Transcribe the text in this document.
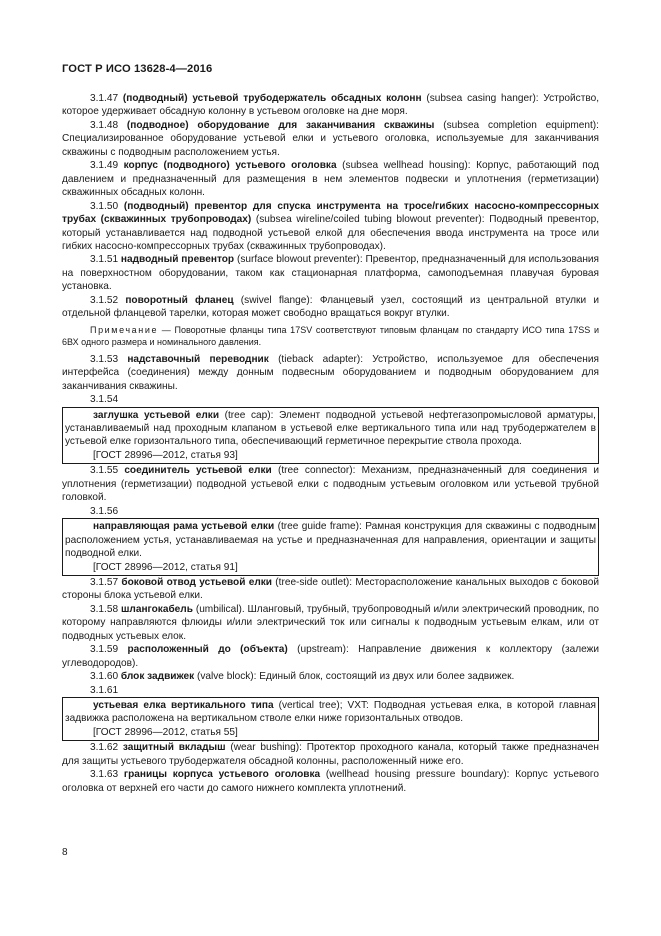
ГОСТ Р ИСО 13628-4—2016

3.1.47 (подводный) устьевой трубодержатель обсадных колонн (subsea casing hanger): Устройство, которое удерживает обсадную колонну в устьевом оголовке на дне моря.

3.1.48 (подводное) оборудование для заканчивания скважины (subsea completion equipment): Специализированное оборудование устьевой елки и устьевого оголовка, используемые для заканчивания скважины с подводным расположением устья.

3.1.49 корпус (подводного) устьевого оголовка (subsea wellhead housing): Корпус, работающий под давлением и предназначенный для размещения в нем элементов подвески и уплотнения (герметизации) скважинных обсадных колонн.

3.1.50 (подводный) превентор для спуска инструмента на тросе/гибких насосно-компрессорных трубах (скважинных трубопроводах) (subsea wireline/coiled tubing blowout preventer): Подводный превентор, который устанавливается над подводной устьевой елкой для обеспечения ввода инструмента на тросе или гибких насосно-компрессорных трубах (скважинных трубопроводах).

3.1.51 надводный превентор (surface blowout preventer): Превентор, предназначенный для использования на поверхностном оборудовании, таком как стационарная платформа, самоподъемная плавучая буровая установка.

3.1.52 поворотный фланец (swivel flange): Фланцевый узел, состоящий из центральной втулки и отдельной фланцевой тарелки, которая может свободно вращаться вокруг втулки.

Примечание — Поворотные фланцы типа 17SV соответствуют типовым фланцам по стандарту ИСО типа 17SS и 6ВХ одного размера и номинального давления.

3.1.53 надставочный переводник (tieback adapter): Устройство, используемое для обеспечения интерфейса (соединения) между донным подвесным оборудованием и подводным оборудованием для заканчивания скважины.

3.1.54

заглушка устьевой елки (tree cap): Элемент подводной устьевой нефтегазопромысловой арматуры, устанавливаемый над проходным клапаном в устьевой елке вертикального типа или над трубодержателем в устьевой елке горизонтального типа, обеспечивающий герметичное перекрытие ствола прохода.

[ГОСТ 28996—2012, статья 93]

3.1.55 соединитель устьевой елки (tree connector): Механизм, предназначенный для соединения и уплотнения (герметизации) подводной устьевой елки с подводным устьевым оголовком или устьевой трубной головкой.

3.1.56

направляющая рама устьевой елки (tree guide frame): Рамная конструкция для скважины с подводным расположением устья, устанавливаемая на устье и предназначенная для направления, ориентации и защиты подводной елки.

[ГОСТ 28996—2012, статья 91]

3.1.57 боковой отвод устьевой елки (tree-side outlet): Месторасположение канальных выходов с боковой стороны блока устьевой елки.

3.1.58 шлангокабель (umbilical). Шланговый, трубный, трубопроводный и/или электрический проводник, по которому направляются флюиды и/или электрический ток или сигналы к подводным устьевым елкам, или от подводных устьевых елок.

3.1.59 расположенный до (объекта) (upstream): Направление движения к коллектору (залежи углеводородов).

3.1.60 блок задвижек (valve block): Единый блок, состоящий из двух или более задвижек.

3.1.61

устьевая елка вертикального типа (vertical tree); VXT: Подводная устьевая елка, в которой главная задвижка расположена на вертикальном стволе елки ниже горизонтальных отводов.

[ГОСТ 28996—2012, статья 55]

3.1.62 защитный вкладыш (wear bushing): Протектор проходного канала, который также предназначен для защиты устьевого трубодержателя обсадной колонны, расположенный ниже его.

3.1.63 границы корпуса устьевого оголовка (wellhead housing pressure boundary): Корпус устьевого оголовка от верхней его части до самого нижнего комплекта уплотнений.

8
